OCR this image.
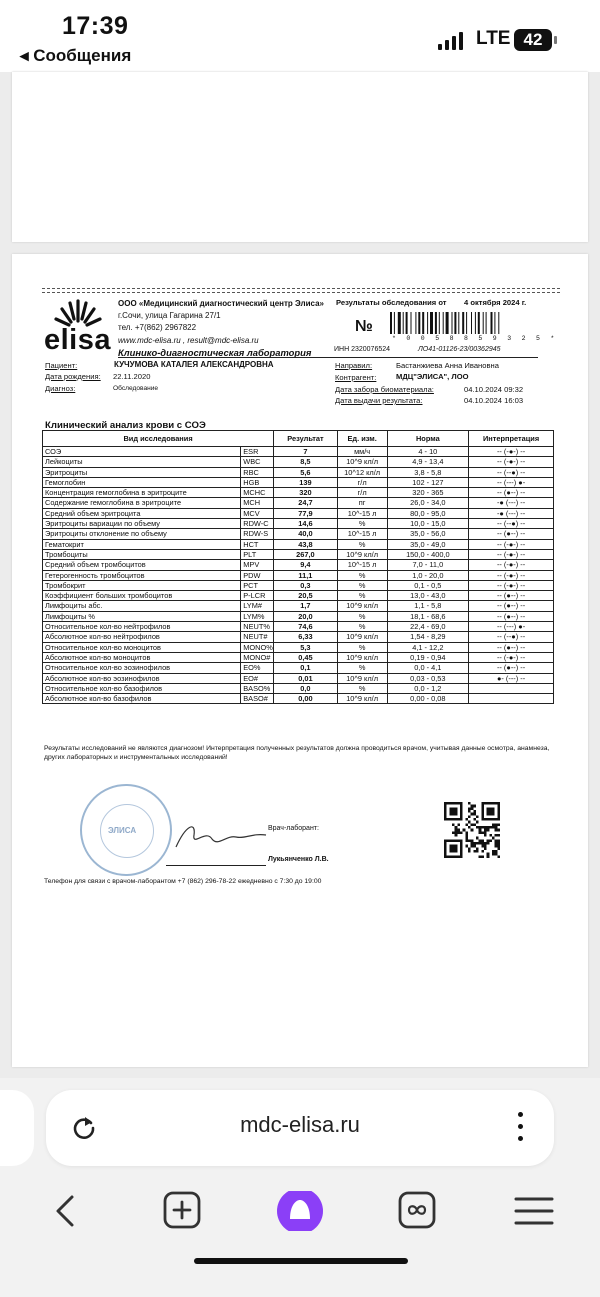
17:39
◂ Сообщения
LTE 42
elisa
ООО «Медицинский диагностический центр Элиса»
г.Сочи, улица Гагарина 27/1
тел. +7(862) 2967822
www.mdc-elisa.ru , result@mdc-elisa.ru
Клинико-диагностическая лаборатория
Результаты обследования от 4 октября 2024 г.
№
* 0 0 5 8 8 5 9 3 2 5 *
ИНН 2320076524	ЛО41-01126-23/00362945
Пациент:	КУЧУМОВА КАТАЛЕЯ АЛЕКСАНДРОВНА
Дата рождения: 22.11.2020
Диагноз:	Обследование
Направил:	Бастанжиева Анна Ивановна
Контрагент:	МДЦ"ЭЛИСА", ЛОО
Дата забора биоматериала:	04.10.2024 09:32
Дата выдачи результата:	04.10.2024 16:03
Клинический анализ крови с СОЭ
Вид исследования		Результат	Ед. изм.	Норма	Интерпретация
СОЭ	ESR	7	мм/ч	4 - 10	-- (-●-) --
Лейкоциты	WBC	8,5	10^9 кл/л	4,9 - 13,4	-- (-●-) --
Эритроциты	RBC	5,6	10^12 кл/л	3,8 - 5,8	-- (--●) --
Гемоглобин	HGB	139	г/л	102 - 127	-- (---) ●-
Концентрация гемоглобина в эритроците	MCHC	320	г/л	320 - 365	-- (●--) --
Содержание гемоглобина в эритроците	MCH	24,7	пг	26,0 - 34,0	-● (---) --
Средний объем эритроцита	MCV	77,9	10^-15 л	80,0 - 95,0	-● (---) --
Эритроциты вариации по объему	RDW-C	14,6	%	10,0 - 15,0	-- (--●) --
Эритроциты отклонение по объему	RDW-S	40,0	10^-15 л	35,0 - 56,0	-- (●--) --
Гематокрит	HCT	43,8	%	35,0 - 49,0	-- (-●-) --
Тромбоциты	PLT	267,0	10^9 кл/л	150,0 - 400,0	-- (-●-) --
Средний объем тромбоцитов	MPV	9,4	10^-15 л	7,0 - 11,0	-- (-●-) --
Гетерогенность тромбоцитов	PDW	11,1	%	1,0 - 20,0	-- (-●-) --
Тромбокрит	PCT	0,3	%	0,1 - 0,5	-- (-●-) --
Коэффициент больших тромбоцитов	P-LCR	20,5	%	13,0 - 43,0	-- (●--) --
Лимфоциты абс.	LYM#	1,7	10^9 кл/л	1,1 - 5,8	-- (●--) --
Лимфоциты %	LYM%	20,0	%	18,1 - 68,6	-- (●--) --
Относительное кол-во нейтрофилов	NEUT%	74,6	%	22,4 - 69,0	-- (---) ●-
Абсолютное кол-во нейтрофилов	NEUT#	6,33	10^9 кл/л	1,54 - 8,29	-- (--●) --
Относительное кол-во моноцитов	MONO%	5,3	%	4,1 - 12,2	-- (●--) --
Абсолютное кол-во моноцитов	MONO#	0,45	10^9 кл/л	0,19 - 0,94	-- (-●-) --
Относительное кол-во эозинофилов	EO%	0,1	%	0,0 - 4,1	-- (●--) --
Абсолютное кол-во эозинофилов	EO#	0,01	10^9 кл/л	0,03 - 0,53	●- (---) --
Относительное кол-во базофилов	BASO%	0,0	%	0,0 - 1,2	
Абсолютное кол-во базофилов	BASO#	0,00	10^9 кл/л	0,00 - 0,08	
Результаты исследований не являются диагнозом! Интерпретация полученных результатов должна проводиться врачом, учитывая данные осмотра, анамнеза, других лабораторных и инструментальных исследований!
ЭЛИСА	Врач-лаборант:
Лукьянченко Л.В.
Телефон для связи с врачом-лаборантом +7 (862) 296-78-22 ежедневно с 7:30 до 19:00
mdc-elisa.ru
